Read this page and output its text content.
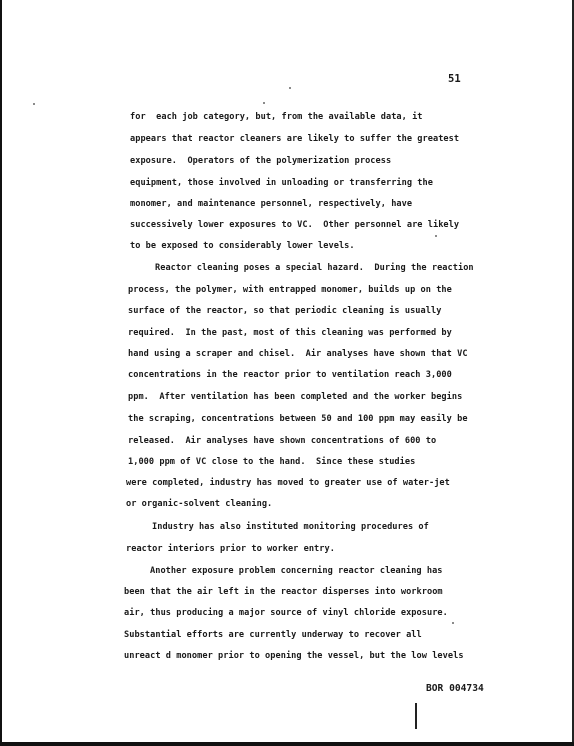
51
for  each job category, but, from the available data, it
appears that reactor cleaners are likely to suffer the greatest
exposure.  Operators of the polymerization process
equipment, those involved in unloading or transferring the
monomer, and maintenance personnel, respectively, have
successively lower exposures to VC.  Other personnel are likely
to be exposed to considerably lower levels.
Reactor cleaning poses a special hazard.  During the reaction
process, the polymer, with entrapped monomer, builds up on the
surface of the reactor, so that periodic cleaning is usually
required.  In the past, most of this cleaning was performed by
hand using a scraper and chisel.  Air analyses have shown that VC
concentrations in the reactor prior to ventilation reach 3,000
ppm.  After ventilation has been completed and the worker begins
the scraping, concentrations between 50 and 100 ppm may easily be
released.  Air analyses have shown concentrations of 600 to
1,000 ppm of VC close to the hand.  Since these studies
were completed, industry has moved to greater use of water-jet
or organic-solvent cleaning.
Industry has also instituted monitoring procedures of
reactor interiors prior to worker entry.
Another exposure problem concerning reactor cleaning has
been that the air left in the reactor disperses into workroom
air, thus producing a major source of vinyl chloride exposure.
Substantial efforts are currently underway to recover all
unreact d monomer prior to opening the vessel, but the low levels
BOR 004734
